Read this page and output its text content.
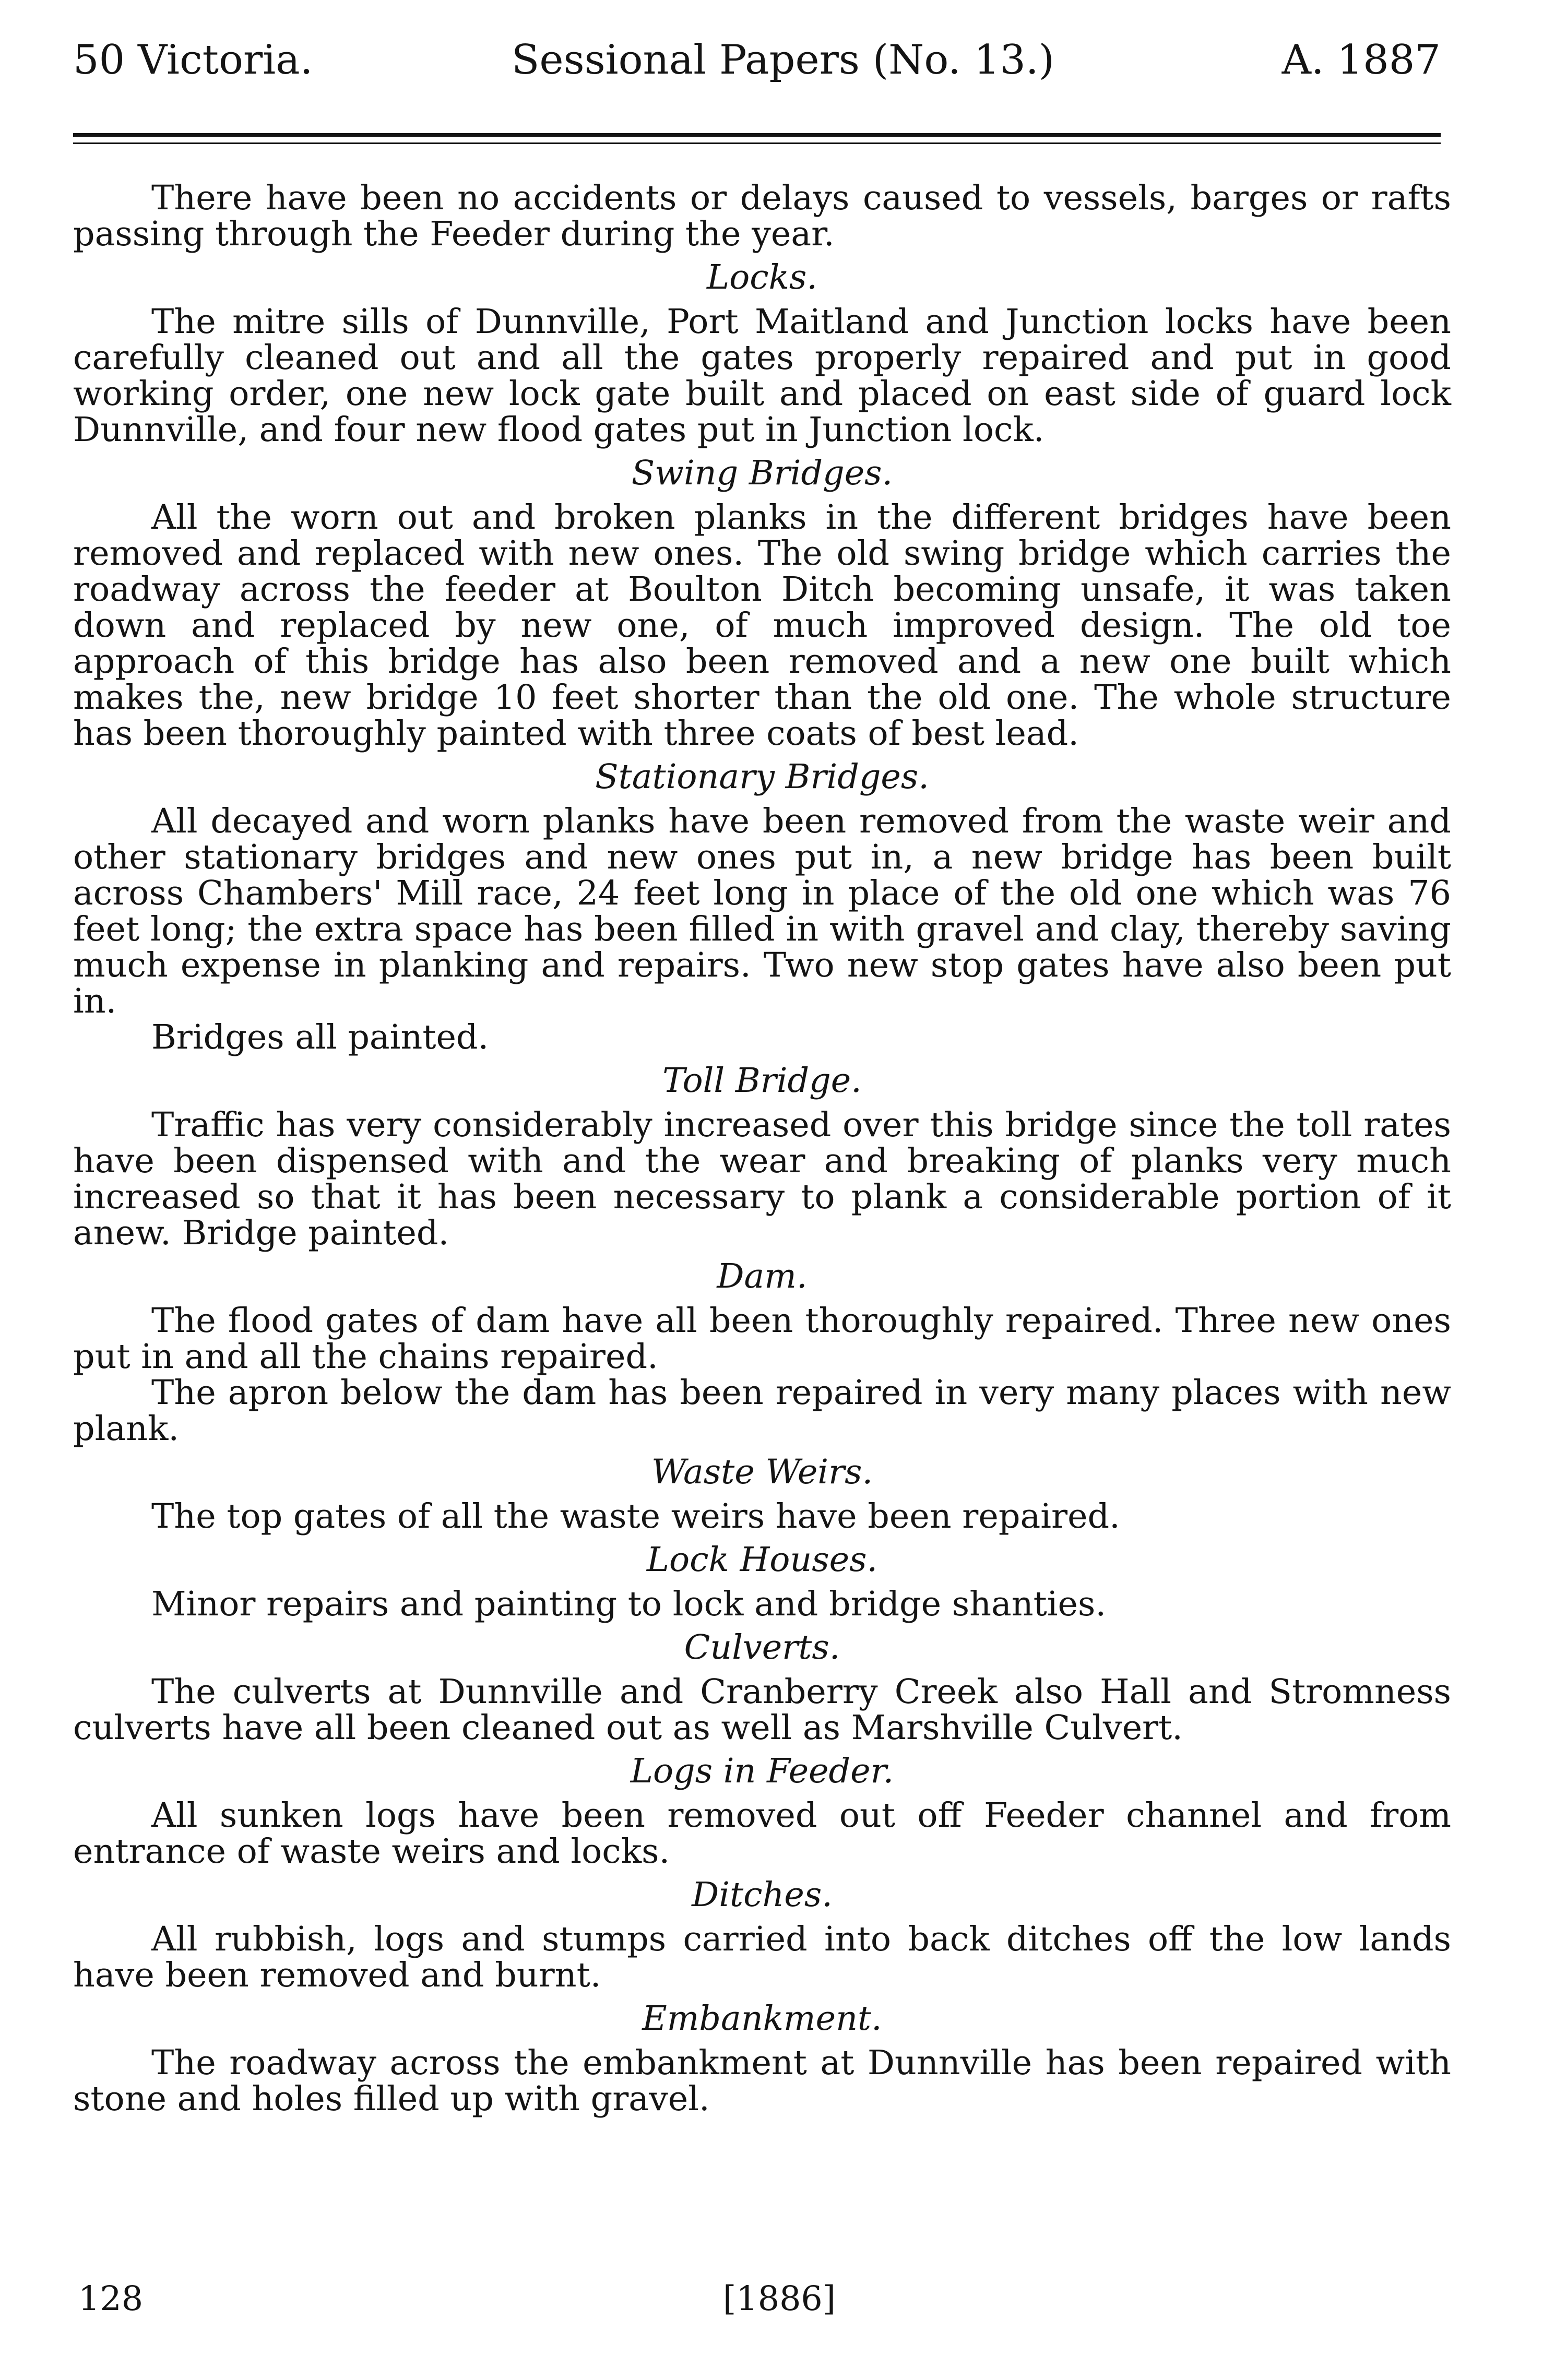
50 Victoria.	Sessional Papers (No. 13.)	A. 1887

There have been no accidents or delays caused to vessels, barges or rafts passing through the Feeder during the year.

Locks.

The mitre sills of Dunnville, Port Maitland and Junction locks have been carefully cleaned out and all the gates properly repaired and put in good working order, one new lock gate built and placed on east side of guard lock Dunnville, and four new flood gates put in Junction lock.

Swing Bridges.

All the worn out and broken planks in the different bridges have been removed and replaced with new ones. The old swing bridge which carries the roadway across the feeder at Boulton Ditch becoming unsafe, it was taken down and replaced by new one, of much improved design. The old toe approach of this bridge has also been removed and a new one built which makes the, new bridge 10 feet shorter than the old one. The whole structure has been thoroughly painted with three coats of best lead.

Stationary Bridges.

All decayed and worn planks have been removed from the waste weir and other stationary bridges and new ones put in, a new bridge has been built across Chambers' Mill race, 24 feet long in place of the old one which was 76 feet long; the extra space has been filled in with gravel and clay, thereby saving much expense in planking and repairs. Two new stop gates have also been put in.

Bridges all painted.

Toll Bridge.

Traffic has very considerably increased over this bridge since the toll rates have been dispensed with and the wear and breaking of planks very much increased so that it has been necessary to plank a considerable portion of it anew. Bridge painted.

Dam.

The flood gates of dam have all been thoroughly repaired. Three new ones put in and all the chains repaired.

The apron below the dam has been repaired in very many places with new plank.

Waste Weirs.

The top gates of all the waste weirs have been repaired.

Lock Houses.

Minor repairs and painting to lock and bridge shanties.

Culverts.

The culverts at Dunnville and Cranberry Creek also Hall and Stromness culverts have all been cleaned out as well as Marshville Culvert.

Logs in Feeder.

All sunken logs have been removed out off Feeder channel and from entrance of waste weirs and locks.

Ditches.

All rubbish, logs and stumps carried into back ditches off the low lands have been removed and burnt.

Embankment.

The roadway across the embankment at Dunnville has been repaired with stone and holes filled up with gravel.

128	[1886]
